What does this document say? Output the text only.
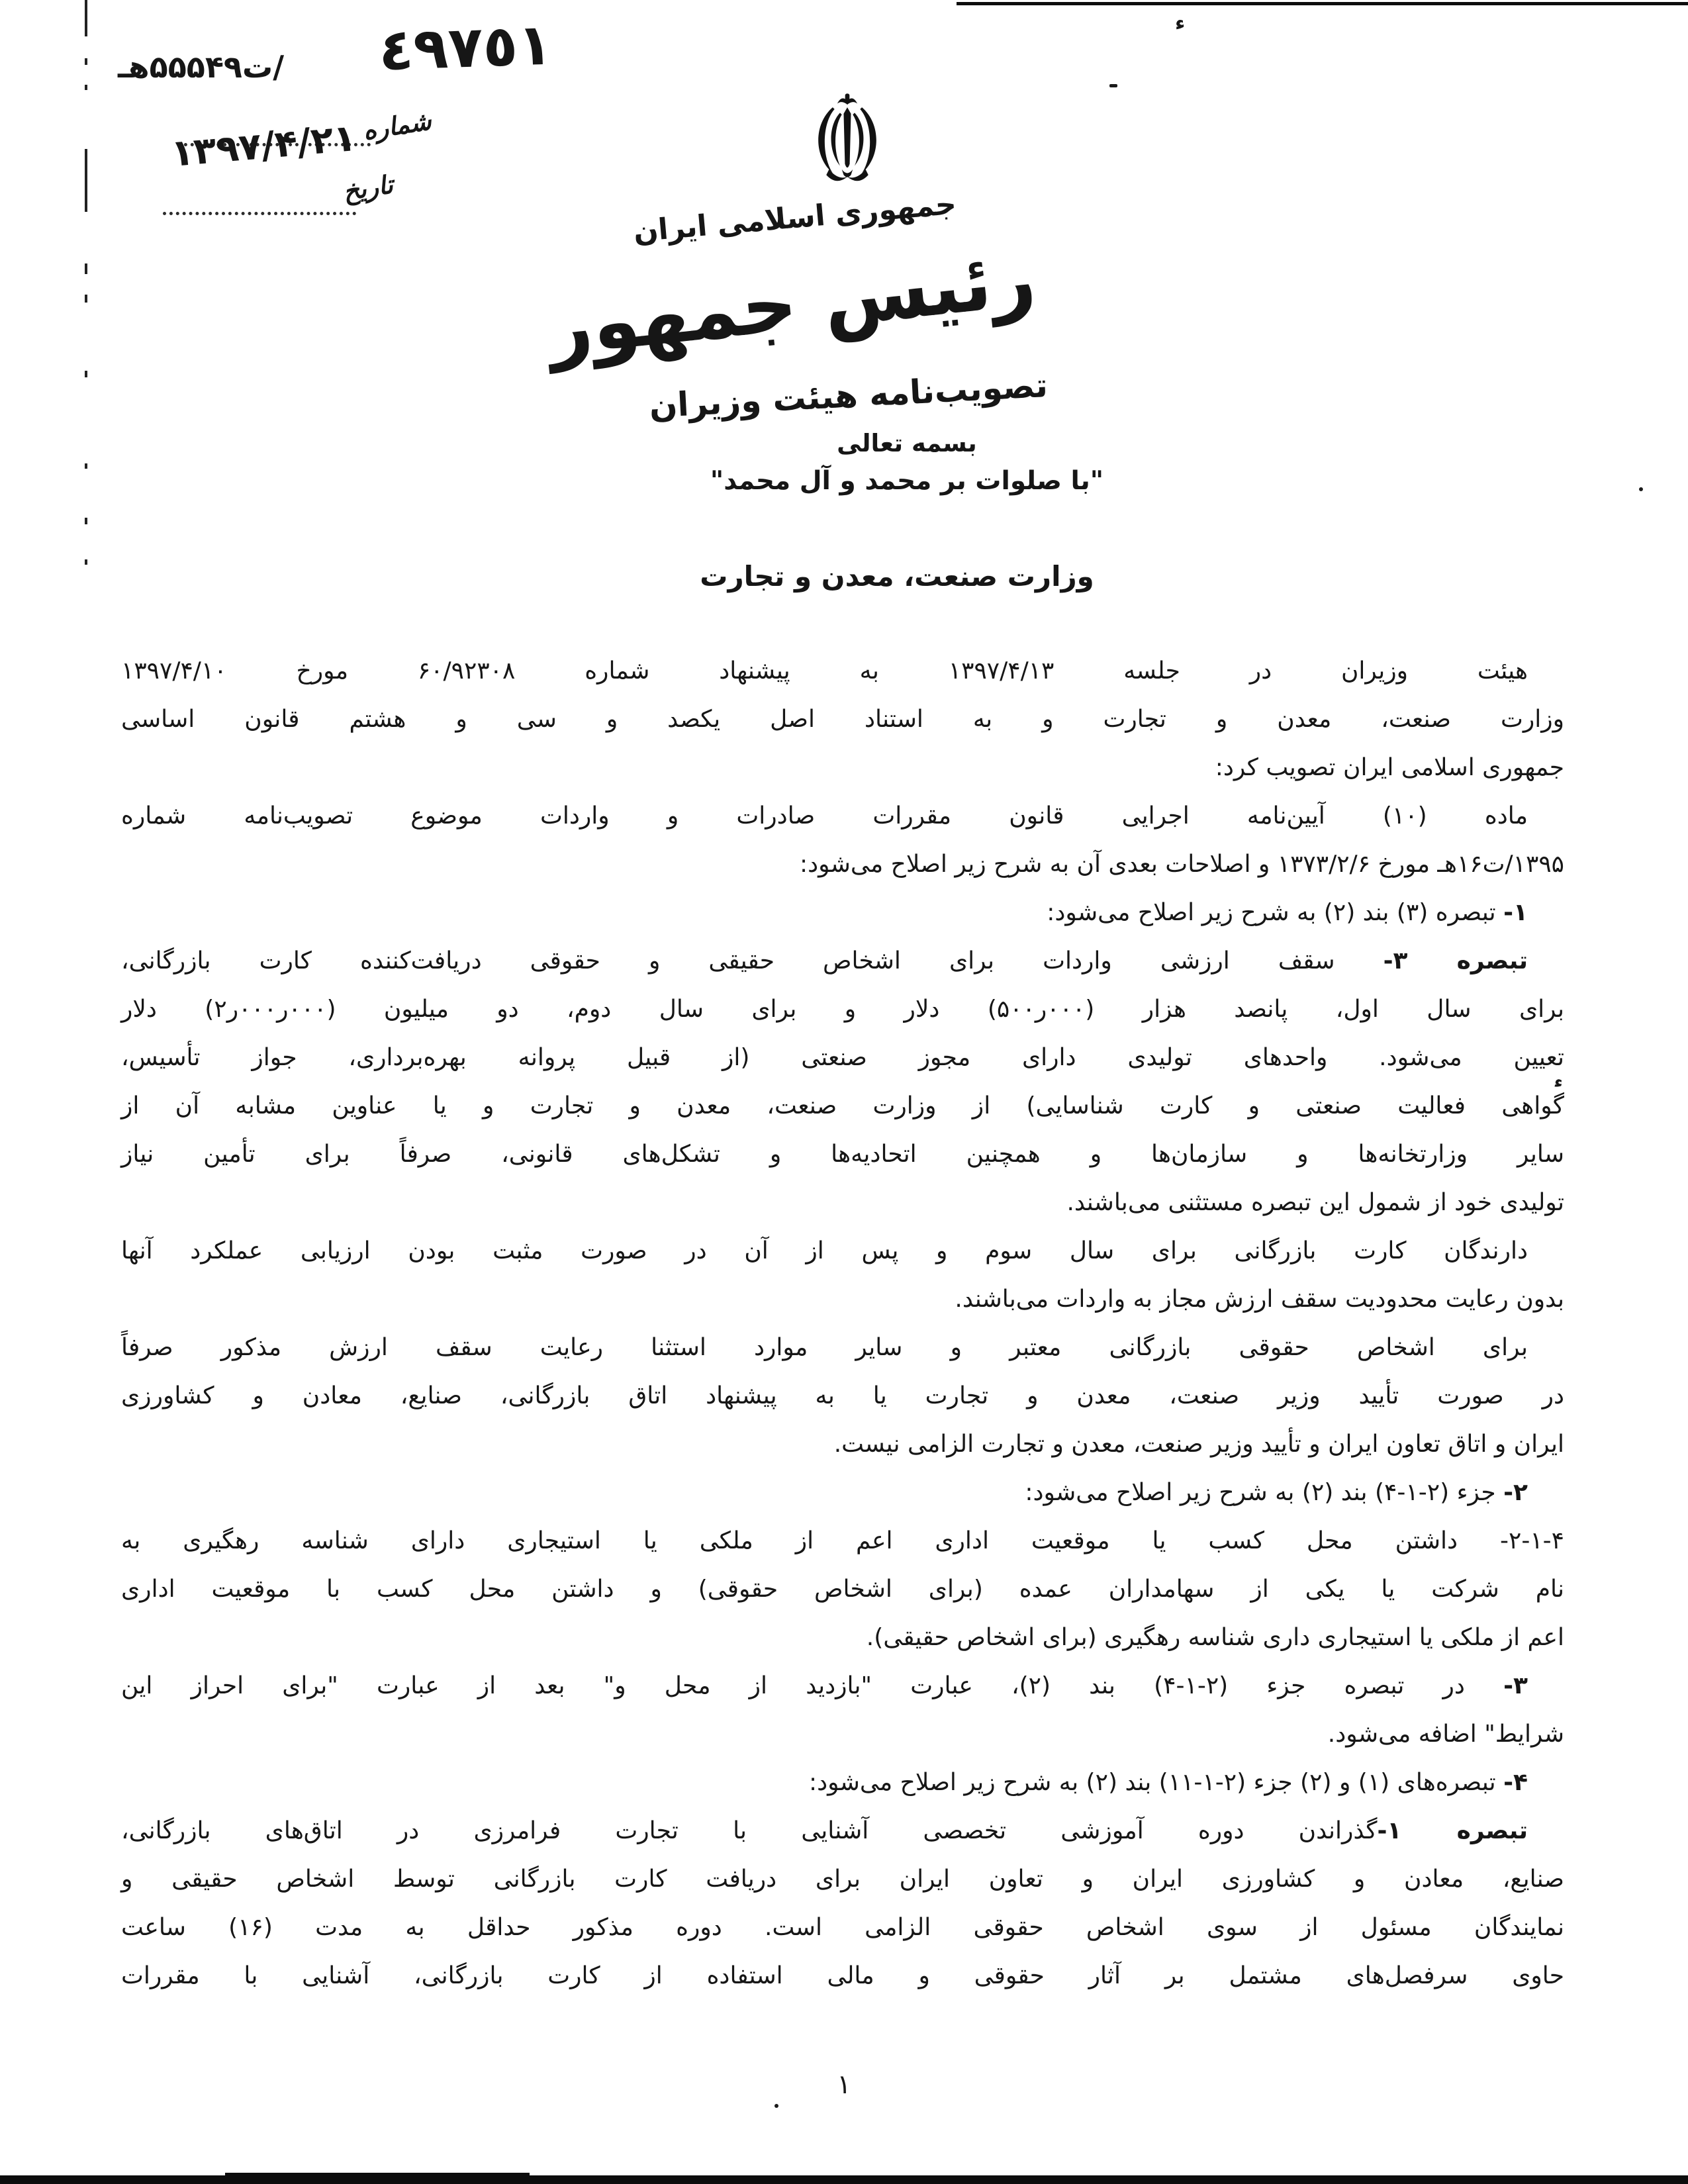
ء
ء
٤٩٧٥١
/ت۵۵۵۴۹هـ
شماره
۱۳۹۷/۴/۲۱
تاریخ	جمهوری اسلامی ایران
رئیس جمهور
تصویب‌نامه هیئت وزیران
بسمه تعالی
"با صلوات بر محمد و آل محمد"
وزارت صنعت، معدن و تجارت
هیئت وزیران در جلسه ۱۳۹۷/۴/۱۳ به پیشنهاد شماره ۶۰/۹۲۳۰۸ مورخ ۱۳۹۷/۴/۱۰
وزارت صنعت، معدن و تجارت و به استناد اصل یکصد و سی و هشتم قانون اساسی
جمهوری اسلامی ایران تصویب کرد:
ماده (۱۰) آیین‌نامه اجرایی قانون مقررات صادرات و واردات موضوع تصویب‌نامه شماره
۱۳۹۵/ت۱۶هـ مورخ ۱۳۷۳/۲/۶ و اصلاحات بعدی آن به شرح زیر اصلاح می‌شود:
۱- تبصره (۳) بند (۲) به شرح زیر اصلاح می‌شود:
تبصره ۳- سقف ارزشی واردات برای اشخاص حقیقی و حقوقی دریافت‌کننده کارت بازرگانی،
برای سال اول، پانصد هزار (۰۰۰ر۵۰۰) دلار و برای سال دوم، دو میلیون (۰۰۰ر۰۰۰ر۲) دلار
تعیین می‌شود. واحدهای تولیدی دارای مجوز صنعتی (از قبیل پروانه بهره‌برداری، جواز تأسیس،
گواهی فعالیت صنعتی و کارت شناسایی) از وزارت صنعت، معدن و تجارت و یا عناوین مشابه آن از
سایر وزارتخانه‌ها و سازمان‌ها و همچنین اتحادیه‌ها و تشکل‌های قانونی، صرفاً برای تأمین نیاز
تولیدی خود از شمول این تبصره مستثنی می‌باشند.
دارندگان کارت بازرگانی برای سال سوم و پس از آن در صورت مثبت بودن ارزیابی عملکرد آنها
بدون رعایت محدودیت سقف ارزش مجاز به واردات می‌باشند.
برای اشخاص حقوقی بازرگانی معتبر و سایر موارد استثنا رعایت سقف ارزش مذکور صرفاً
در صورت تأیید وزیر صنعت، معدن و تجارت یا به پیشنهاد اتاق بازرگانی، صنایع، معادن و کشاورزی
ایران و اتاق تعاون ایران و تأیید وزیر صنعت، معدن و تجارت الزامی نیست.
۲- جزء (۲-۱-۴) بند (۲) به شرح زیر اصلاح می‌شود:
۲-۱-۴- داشتن محل کسب یا موقعیت اداری اعم از ملکی یا استیجاری دارای شناسه رهگیری به
نام شرکت یا یکی از سهامداران عمده (برای اشخاص حقوقی) و داشتن محل کسب با موقعیت اداری
اعم از ملکی یا استیجاری داری شناسه رهگیری (برای اشخاص حقیقی).
۳- در تبصره جزء (۲-۱-۴) بند (۲)، عبارت "بازدید از محل و" بعد از عبارت "برای احراز این
شرایط" اضافه می‌شود.
۴- تبصره‌های (۱) و (۲) جزء (۲-۱-۱۱) بند (۲) به شرح زیر اصلاح می‌شود:
تبصره ۱-گذراندن دوره آموزشی تخصصی آشنایی با تجارت فرامرزی در اتاق‌های بازرگانی،
صنایع، معادن و کشاورزی ایران و تعاون ایران برای دریافت کارت بازرگانی توسط اشخاص حقیقی و
نمایندگان مسئول از سوی اشخاص حقوقی الزامی است. دوره مذکور حداقل به مدت (۱۶) ساعت
حاوی سرفصل‌های مشتمل بر آثار حقوقی و مالی استفاده از کارت بازرگانی، آشنایی با مقررات
۱
